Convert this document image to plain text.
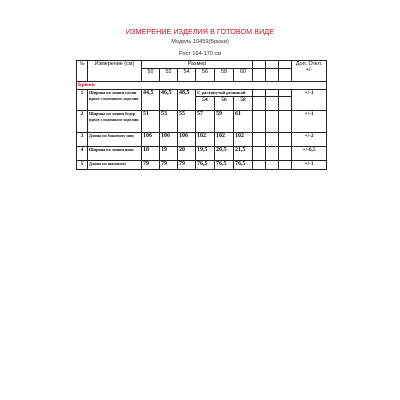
ИЗМЕРЕНИЕ ИЗДЕЛИЯ В ГОТОВОМ ВИДЕ
Модель 10459(Брюки)
Рост 164-170 см
№	Измерение (см)	Размер									Доп. Откл. +/-
		50	52	54	56	58	60				
Брюки											
1	Ширина по линии талии вдвое сложенного изделия	44,5	46,5	48,5	С растянутой резинкой						+/-1
					54	56	58				
2	Ширина по линии бедер вдвое сложенного изделия	51	53	55	57	59	61				+/-1
3	Длина по боковому шву	106	106	106	102	102	102				+/-2
4	Ширина по линии низа	18	19	20	19,5	20,5	21,5				+/-0,5
5	Длина по шаговому	79	79	79	76,5	76,5	76,5				+/-1
